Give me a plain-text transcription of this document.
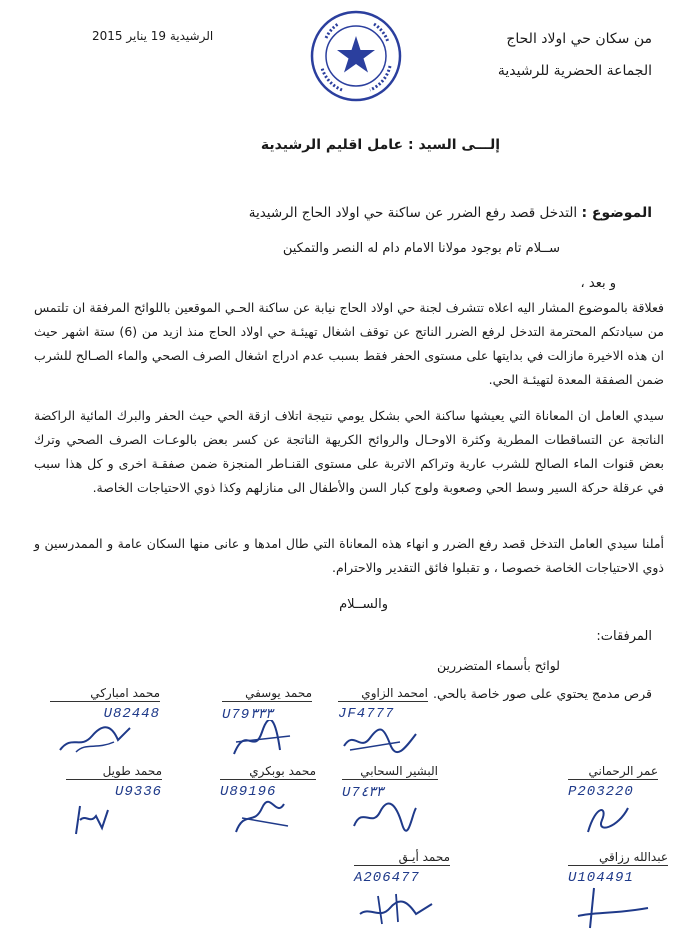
من سكان حي اولاد الحاج
الجماعة الحضرية للرشيدية
الرشيدية 19 يناير 2015
إلـــى السيد : عامل اقليم الرشيدية
الموضوع : التدخل قصد رفع الضرر عن ساكنة حي اولاد الحاج الرشيدية
ســلام تام بوجود مولانا الامام دام له النصر والتمكين
و بعد ،
فعلاقة بالموضوع المشار اليه اعلاه تتشرف لجنة حي اولاد الحاج نيابة عن ساكنة الحـي الموقعين باللوائح المرفقة ان تلتمس من سيادتكم المحترمة التدخل لرفع الضرر الناتج عن توقف اشغال تهيئـة حي اولاد الحاج منذ ازيد من (6) ستة اشهر حيث ان هذه الاخيرة مازالت في بدايتها على مستوى الحفر فقط بسبب عدم ادراج اشغال الصرف الصحي والماء الصـالح للشرب ضمن الصفقة المعدة لتهيئـة الحي.
سيدي العامل ان المعاناة التي يعيشها ساكنة الحي بشكل يومي نتيجة اتلاف ازقة الحي حيث الحفر والبرك المائية الراكضة الناتجة عن التساقطات المطرية وكثرة الاوحـال والروائح الكريهة الناتجة عن كسر بعض بالوعـات الصرف الصحي وترك بعض قنوات الماء الصالح للشرب عارية وتراكم الاتربة على مستوى القنـاطر المنجزة ضمن صفقـة اخرى و كل هذا سبب في عرقلة حركة السير وسط الحي وصعوبة ولوج كبار السن والأطفال الى منازلهم وكذا ذوي الاحتياجات الخاصة.
أملنا سيدي العامل التدخل قصد رفع الضرر و انهاء هذه المعاناة التي طال امدها و عانى منها السكان عامة و الممدرسين و ذوي الاحتياجات الخاصة خصوصا ، و تقبلوا فائق التقدير والاحترام.
والســلام
المرفقات:
لوائح بأسماء المتضررين
قرص مدمج يحتوي على صور خاصة بالحي.
امحمد الزاوي
JF4777
محمد يوسفي
U79٣٣٣
محمد امباركي
U82448
عمر الرحماني
P203220
البشير السحابي
U7٤٣٣
محمد بوبكري
U89196
محمد طويل
U9336
عبدالله رزاقي
U104491
محمد أيـق
A206477
